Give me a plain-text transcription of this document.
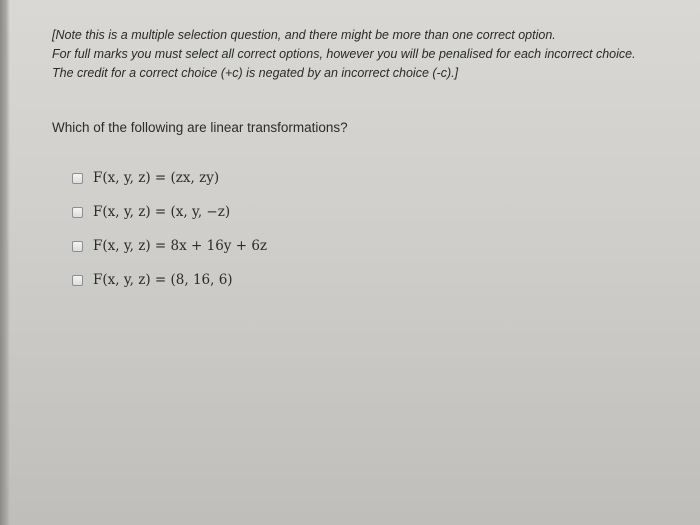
[Note this is a multiple selection question, and there might be more than one correct option.
For full marks you must select all correct options, however you will be penalised for each incorrect choice.
The credit for a correct choice (+c) is negated by an incorrect choice (-c).]
Which of the following are linear transformations?
F(x, y, z) = (zx, zy)
F(x, y, z) = (x, y, −z)
F(x, y, z) = 8x + 16y + 6z
F(x, y, z) = (8, 16, 6)
